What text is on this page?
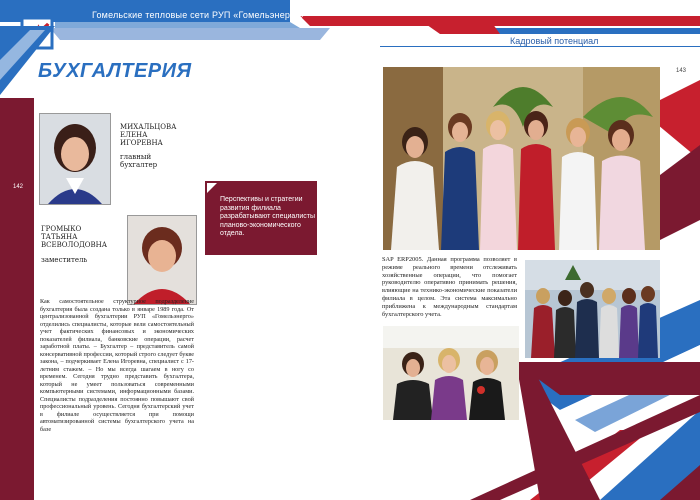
Гомельские тепловые сети РУП «Гомельэнерго»
Кадровый потенциал
142
143
БУХГАЛТЕРИЯ
МИХАЛЬЦОВА
ЕЛЕНА
ИГОРЕВНА
главный
бухгалтер
ГРОМЫКО
ТАТЬЯНА
ВСЕВОЛОДОВНА
заместитель
Перспективы и стратегии развития филиала разрабатывают специалисты планово-экономического отдела.
Как самостоятельное структурное подразделение бухгалтерия была создана только в январе 1989 года. От централизованной бухгалтерии РУП «Гомельэнерго» отделились специалисты, которые вели самостоятельный учет фактических финансовых и экономических показателей филиала, банковские операции, расчет заработной платы. – Бухгалтер – представитель самой консервативной профессии, который строго следует букве закона, – подчеркивает Елена Игоревна, специалист с 17-летним стажем. – Но мы всегда шагаем в ногу со временем. Сегодня трудно представить бухгалтера, который не умеет пользоваться современными компьютерными системами, информационными базами. Специалисты подразделения постоянно повышают свой профессиональный уровень. Сегодня бухгалтерский учет в филиале осуществляется при помощи автоматизированной системы бухгалтерского учета на базе
SAP ERP2005. Данная программа позволяет в режиме реального времени отслеживать хозяйственные операции, что помогает руководителю оперативно принимать решения, влияющие на технико-экономические показатели филиала в целом. Эта система максимально приближена к международным стандартам бухгалтерского учета.
